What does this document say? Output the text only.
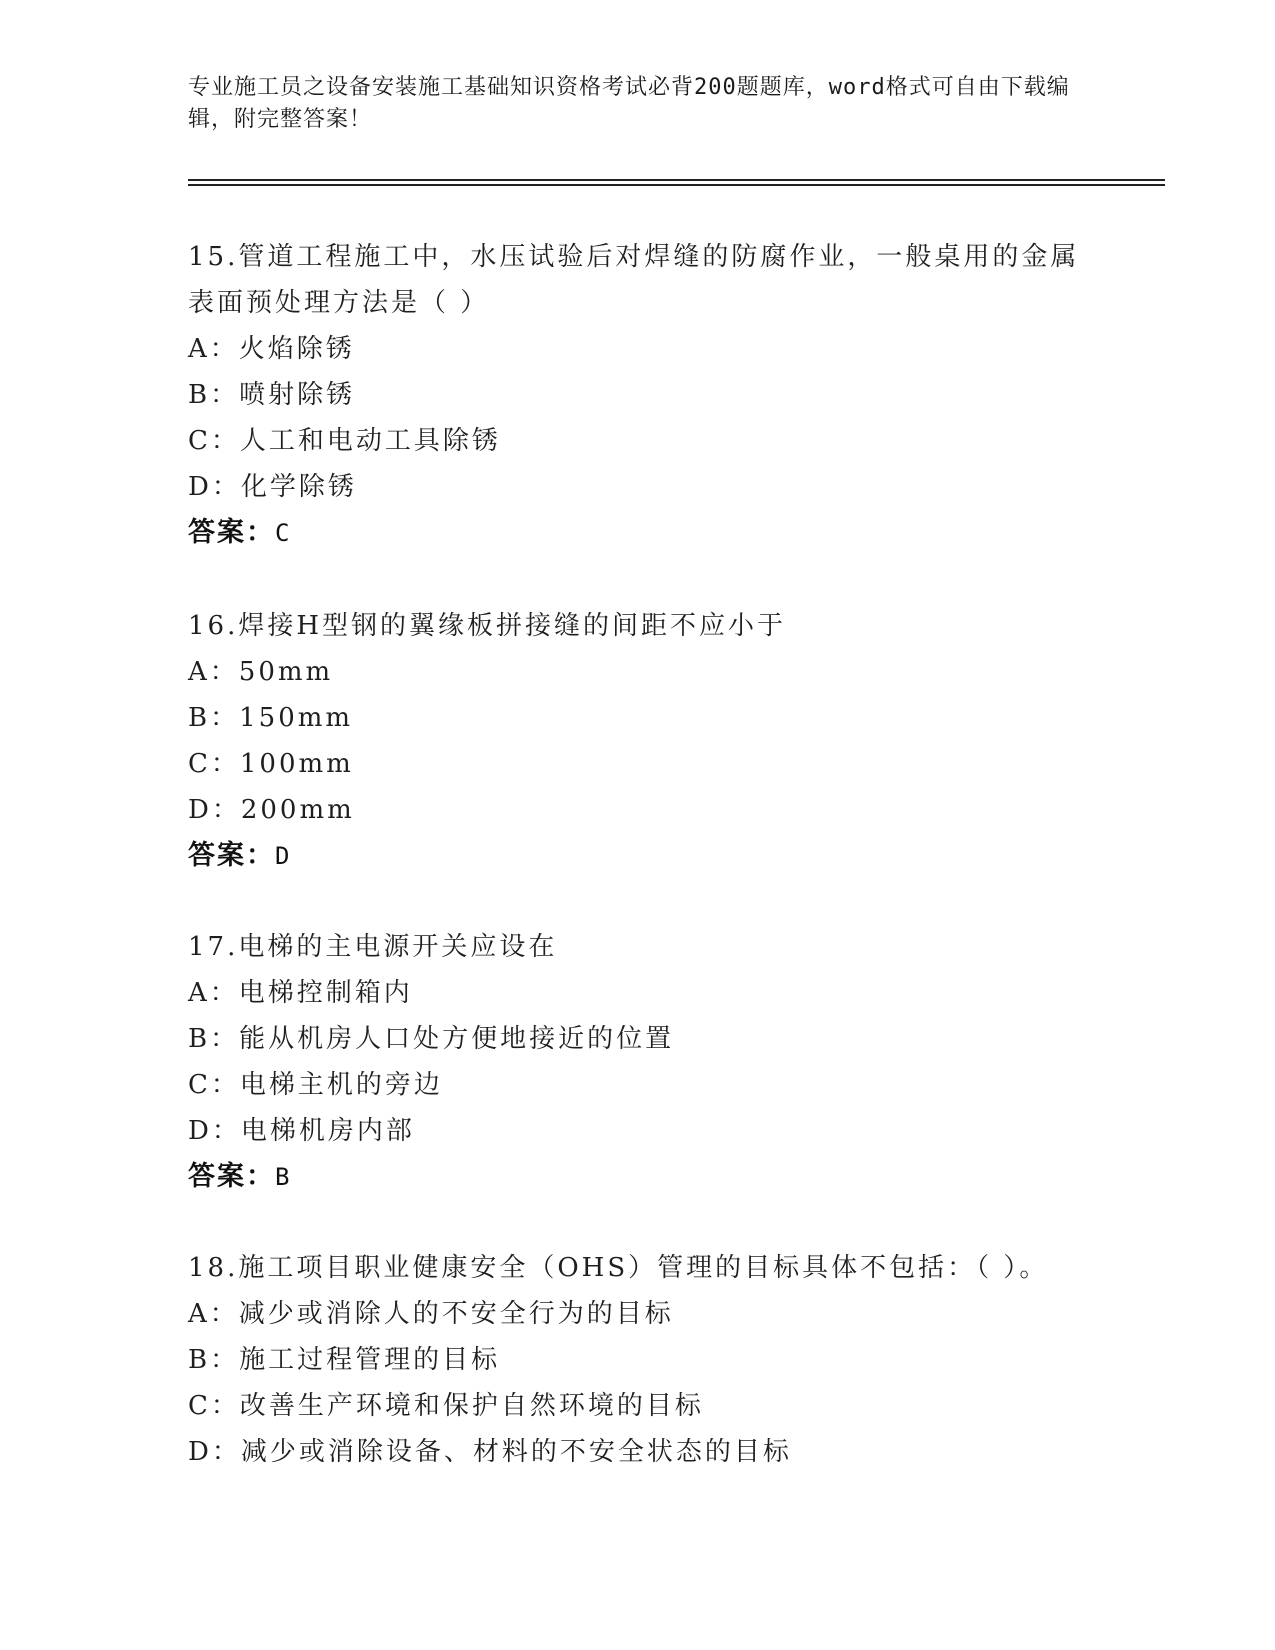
专业施工员之设备安装施工基础知识资格考试必背200题题库，word格式可自由下载编辑，附完整答案！
15.管道工程施工中，水压试验后对焊缝的防腐作业，一般桌用的金属表面预处理方法是（ ）
A：火焰除锈
B：喷射除锈
C：人工和电动工具除锈
D：化学除锈
答案：C
16.焊接H型钢的翼缘板拼接缝的间距不应小于
A：50mm
B：150mm
C：100mm
D：200mm
答案：D
17.电梯的主电源开关应设在
A：电梯控制箱内
B：能从机房人口处方便地接近的位置
C：电梯主机的旁边
D：电梯机房内部
答案：B
18.施工项目职业健康安全（OHS）管理的目标具体不包括：（ ）。
A：减少或消除人的不安全行为的目标
B：施工过程管理的目标
C：改善生产环境和保护自然环境的目标
D：减少或消除设备、材料的不安全状态的目标
